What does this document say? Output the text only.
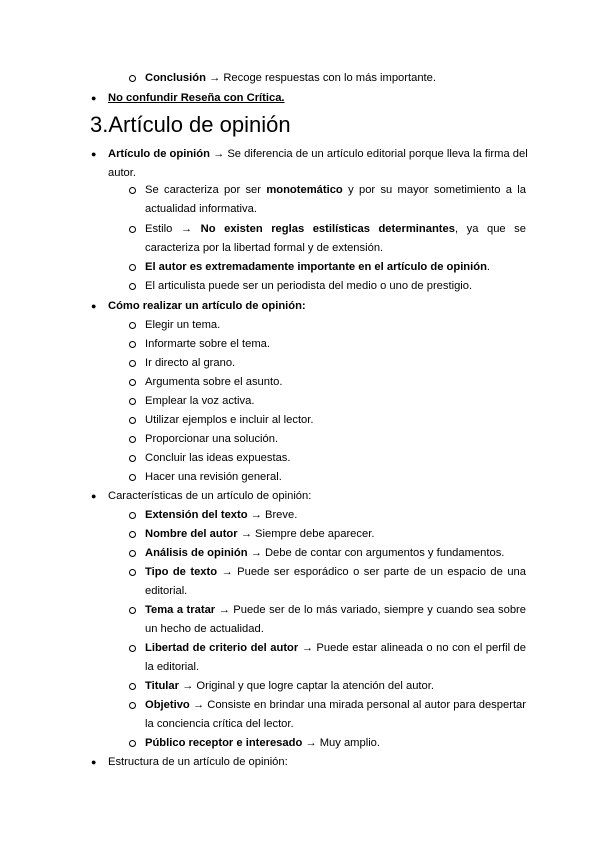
Conclusión → Recoge respuestas con lo más importante.
● No confundir Reseña con Crítica.
3.Artículo de opinión
● Artículo de opinión → Se diferencia de un artículo editorial porque lleva la firma del
autor.
Se caracteriza por ser monotemático y por su mayor sometimiento a la
actualidad informativa.
Estilo → No existen reglas estilísticas determinantes, ya que se
caracteriza por la libertad formal y de extensión.
El autor es extremadamente importante en el artículo de opinión.
El articulista puede ser un periodista del medio o uno de prestigio.
● Cómo realizar un artículo de opinión:
Elegir un tema.
Informarte sobre el tema.
Ir directo al grano.
Argumenta sobre el asunto.
Emplear la voz activa.
Utilizar ejemplos e incluir al lector.
Proporcionar una solución.
Concluir las ideas expuestas.
Hacer una revisión general.
● Características de un artículo de opinión:
Extensión del texto → Breve.
Nombre del autor → Siempre debe aparecer.
Análisis de opinión → Debe de contar con argumentos y fundamentos.
Tipo de texto → Puede ser esporádico o ser parte de un espacio de una
editorial.
Tema a tratar → Puede ser de lo más variado, siempre y cuando sea sobre
un hecho de actualidad.
Libertad de criterio del autor → Puede estar alineada o no con el perfil de
la editorial.
Titular → Original y que logre captar la atención del autor.
Objetivo → Consiste en brindar una mirada personal al autor para despertar
la conciencia crítica del lector.
Público receptor e interesado → Muy amplio.
● Estructura de un artículo de opinión:
